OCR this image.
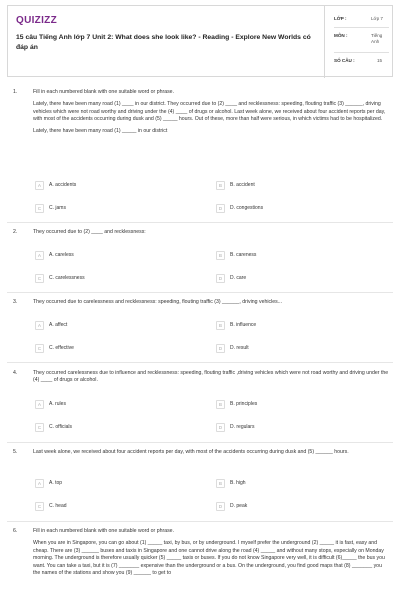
QUIZIZZ
15 câu Tiếng Anh lớp 7 Unit 2: What does she look like? - Reading - Explore New Worlds có đáp án
LỚP :	Lớp 7
MÔN :	Tiếng Anh
SỐ CÂU :	15
1.	Fill in each numbered blank with one suitable word or phrase.

Lately, there have been many road (1) ____ in our district. They occurred due to (2) ____ and recklessness: speeding, flouting traffic (3) ______, driving vehicles which were not road worthy and driving under the (4) ____ of drugs or alcohol. Last week alone, we received about four accident reports per day, with most of the accidents occurring during dusk and (5) _____ hours. Out of these, more than half were serious, in which victims had to be hospitalized.

Lately, there have been many road (1) _____ in our district

A	A. accidents	B	B. accident
C	C. jams	D	D. congestions
2.	They occurred due to (2) ____ and recklessness:
A	A. careless	B	B. careness
C	C. carelessness	D	D. care
3.	They occurred due to carelessness and recklessness: speeding, flouting traffic (3) ______, driving vehicles...
A	A. affect	B	B. influence
C	C. effective	D	D. result
4.	They occurred carelessness due to influence and recklessness: speeding, flouting traffic ,driving vehicles which were not road worthy and driving under the (4) ____ of drugs or alcohol.
A	A. rules	B	B. principles
C	C. officials	D	D. regulars
5.	Last week alone, we received about four accident reports per day, with most of the accidents occurring during dusk and (5) ______ hours.
A	A. top	B	B. high
C	C. head	D	D. peak
6.	Fill in each numbered blank with one suitable word or phrase.

When you are in Singapore, you can go about (1) _____ taxi, by bus, or by underground. I myself prefer the underground (2) _____ it is fast, easy and cheap. There are (3) ______ buses and taxis in Singapore and one cannot drive along the road (4) _____ and without many stops, especially on Monday morning. The underground is therefore usually quicker (5) _____ taxis or buses. If you do not know Singapore very well, it is difficult (6)_____ the bus you want. You can take a taxi, but it is (7) _______ expensive than the underground or a bus. On the underground, you find good maps that (8) _______ you the names of the stations and show you (9) ______ to get to
